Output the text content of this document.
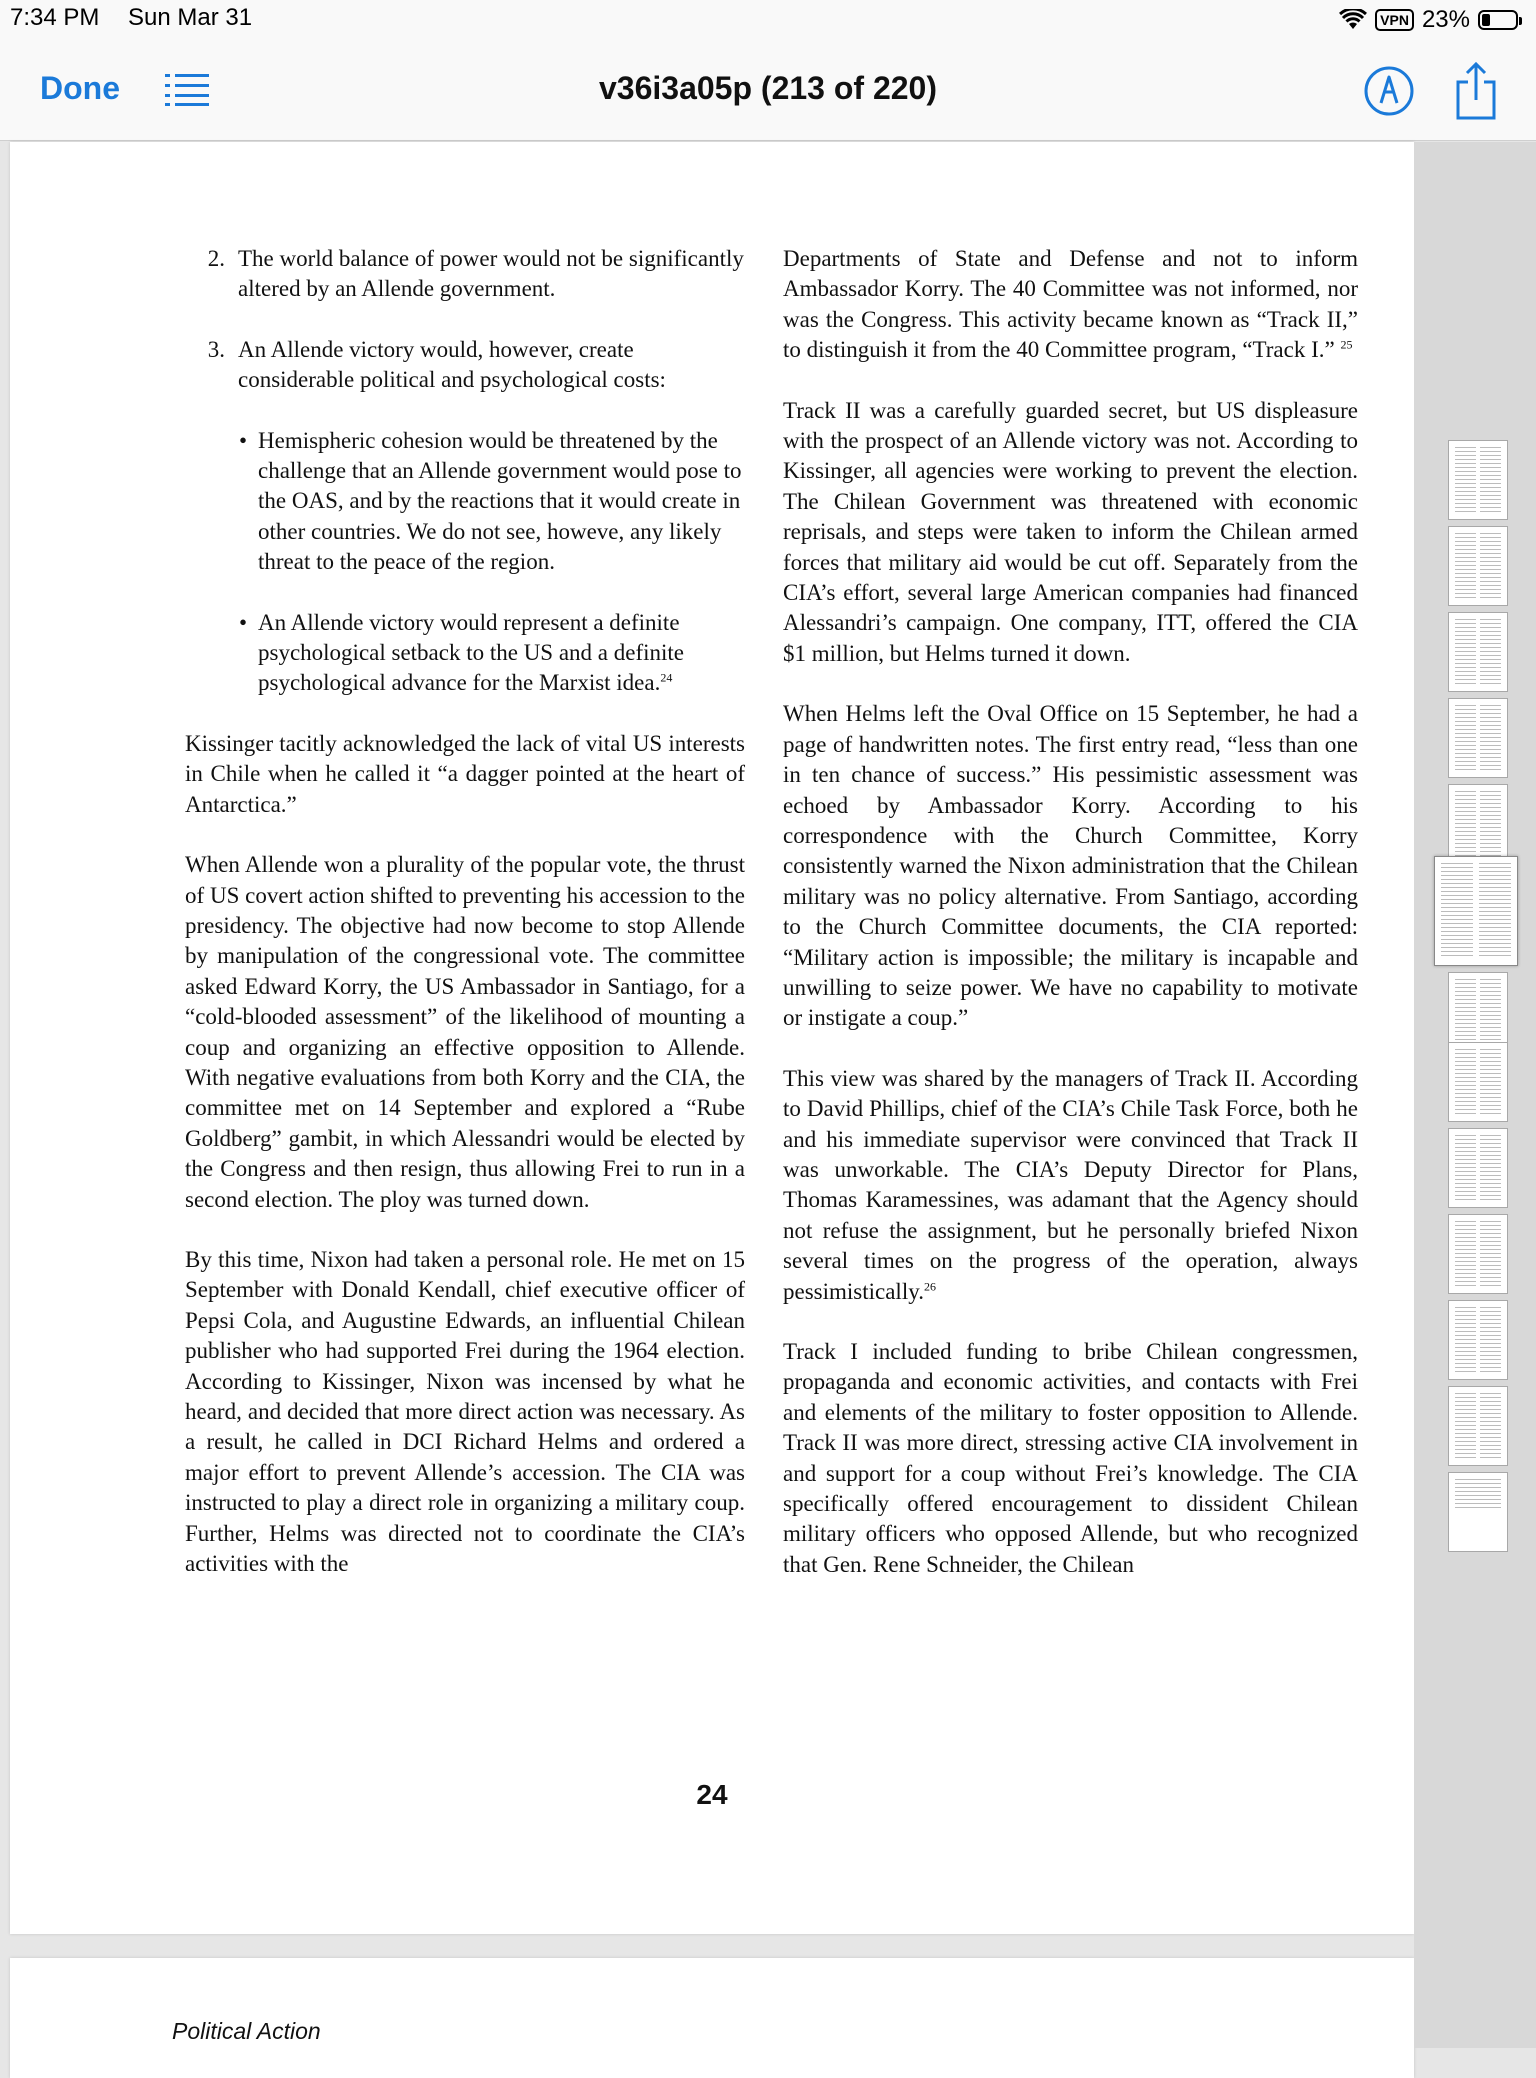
7:34 PM Sun Mar 31	VPN 23%
Done	v36i3a05p (213 of 220)
2. The world balance of power would not be significantly altered by an Allende government.
3. An Allende victory would, however, create considerable political and psychological costs:
• Hemispheric cohesion would be threatened by the challenge that an Allende government would pose to the OAS, and by the reactions that it would create in other countries. We do not see, howeve, any likely threat to the peace of the region.
• An Allende victory would represent a definite psychological setback to the US and a definite psychological advance for the Marxist idea.$^{24}$

Kissinger tacitly acknowledged the lack of vital US interests in Chile when he called it “a dagger pointed at the heart of Antarctica.”

When Allende won a plurality of the popular vote, the thrust of US covert action shifted to preventing his accession to the presidency. The objective had now become to stop Allende by manipulation of the congressional vote. The committee asked Edward Korry, the US Ambassador in Santiago, for a “cold-blooded assessment” of the likelihood of mounting a coup and organizing an effective opposition to Allende. With negative evaluations from both Korry and the CIA, the committee met on 14 September and explored a “Rube Goldberg” gambit, in which Alessandri would be elected by the Congress and then resign, thus allowing Frei to run in a second election. The ploy was turned down.

By this time, Nixon had taken a personal role. He met on 15 September with Donald Kendall, chief executive officer of Pepsi Cola, and Augustine Edwards, an influential Chilean publisher who had supported Frei during the 1964 election. According to Kissinger, Nixon was incensed by what he heard, and decided that more direct action was necessary. As a result, he called in DCI Richard Helms and ordered a major effort to prevent Allende’s accession. The CIA was instructed to play a direct role in organizing a military coup. Further, Helms was directed not to coordinate the CIA’s activities with the

Departments of State and Defense and not to inform Ambassador Korry. The 40 Committee was not informed, nor was the Congress. This activity became known as “Track II,” to distinguish it from the 40 Committee program, “Track I.” $^{25}$

Track II was a carefully guarded secret, but US displeasure with the prospect of an Allende victory was not. According to Kissinger, all agencies were working to prevent the election. The Chilean Government was threatened with economic reprisals, and steps were taken to inform the Chilean armed forces that military aid would be cut off. Separately from the CIA’s effort, several large American companies had financed Alessandri’s campaign. One company, ITT, offered the CIA $1 million, but Helms turned it down.

When Helms left the Oval Office on 15 September, he had a page of handwritten notes. The first entry read, “less than one in ten chance of success.” His pessimistic assessment was echoed by Ambassador Korry. According to his correspondence with the Church Committee, Korry consistently warned the Nixon administration that the Chilean military was no policy alternative. From Santiago, according to the Church Committee documents, the CIA reported: “Military action is impossible; the military is incapable and unwilling to seize power. We have no capability to motivate or instigate a coup.”

This view was shared by the managers of Track II. According to David Phillips, chief of the CIA’s Chile Task Force, both he and his immediate supervisor were convinced that Track II was unworkable. The CIA’s Deputy Director for Plans, Thomas Karamessines, was adamant that the Agency should not refuse the assignment, but he personally briefed Nixon several times on the progress of the operation, always pessimistically.$^{26}$

Track I included funding to bribe Chilean congressmen, propaganda and economic activities, and contacts with Frei and elements of the military to foster opposition to Allende. Track II was more direct, stressing active CIA involvement in and support for a coup without Frei’s knowledge. The CIA specifically offered encouragement to dissident Chilean military officers who opposed Allende, but who recognized that Gen. Rene Schneider, the Chilean

24
Political Action
